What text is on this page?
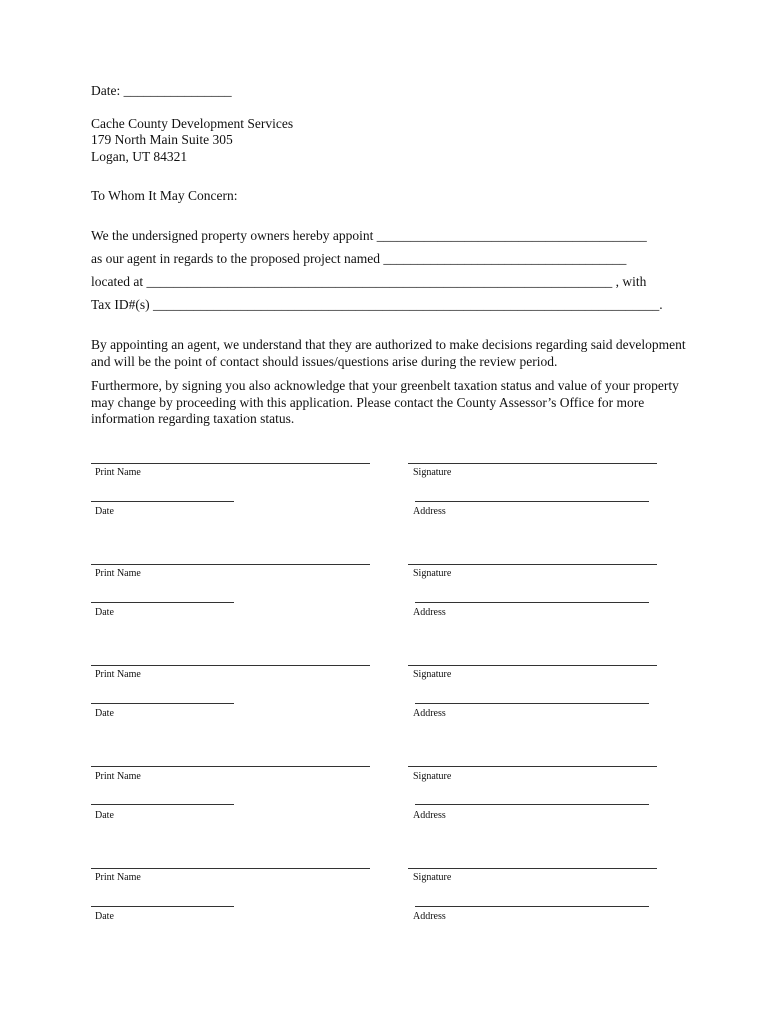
Date: ________________
Cache County Development Services
179 North Main Suite 305
Logan, UT 84321
To Whom It May Concern:
We the undersigned property owners hereby appoint ________________________________________
as our agent in regards to the proposed project named ____________________________________
located at _____________________________________________________________________ , with
Tax ID#(s) ___________________________________________________________________________.
By appointing an agent, we understand that they are authorized to make decisions regarding said development and will be the point of contact should issues/questions arise during the review period.
Furthermore, by signing you also acknowledge that your greenbelt taxation status and value of your property may change by proceeding with this application. Please contact the County Assessor’s Office for more information regarding taxation status.
Print Name	Signature
Date	Address
Print Name	Signature
Date	Address
Print Name	Signature
Date	Address
Print Name	Signature
Date	Address
Print Name	Signature
Date	Address
